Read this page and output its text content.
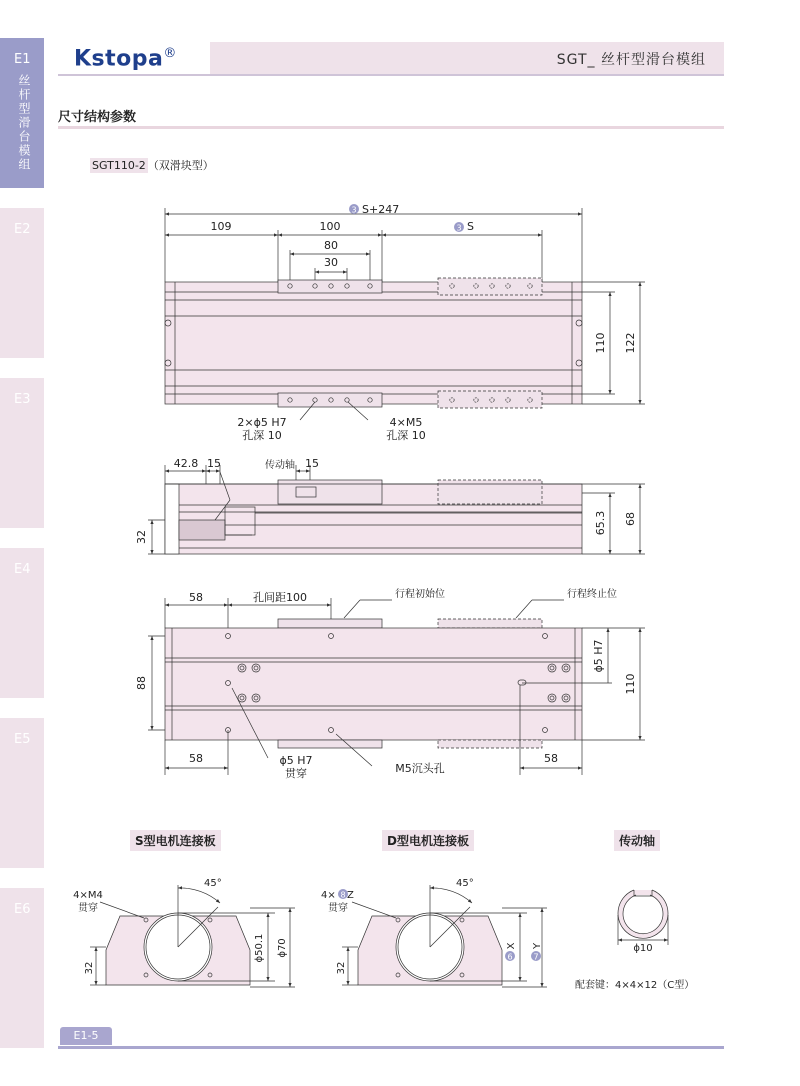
E1
丝杆型滑台模组
E2
E3
E4
E5
E6
Kstopa®	SGT_ 丝杆型滑台模组
尺寸结构参数
SGT110-2 （双滑块型）
3 S+247
109	100	3 S
80
30
110 122
2×ϕ5 H7
孔深 10
4×M5
孔深 10
42.8 15	传动轴 15
32
65.3 68
58	孔间距100	行程初始位	行程终止位
88
ϕ5 H7
110
58	ϕ5 H7
贯穿	M5沉头孔
58
4×M4
贯穿
45°
32
ϕ50.1 ϕ70
4× 8 Z
贯穿
45°
32
6
X
7
Y	ϕ10
配套键：4×4×12（C型）
S型电机连接板	D型电机连接板	传动轴
E1-5
